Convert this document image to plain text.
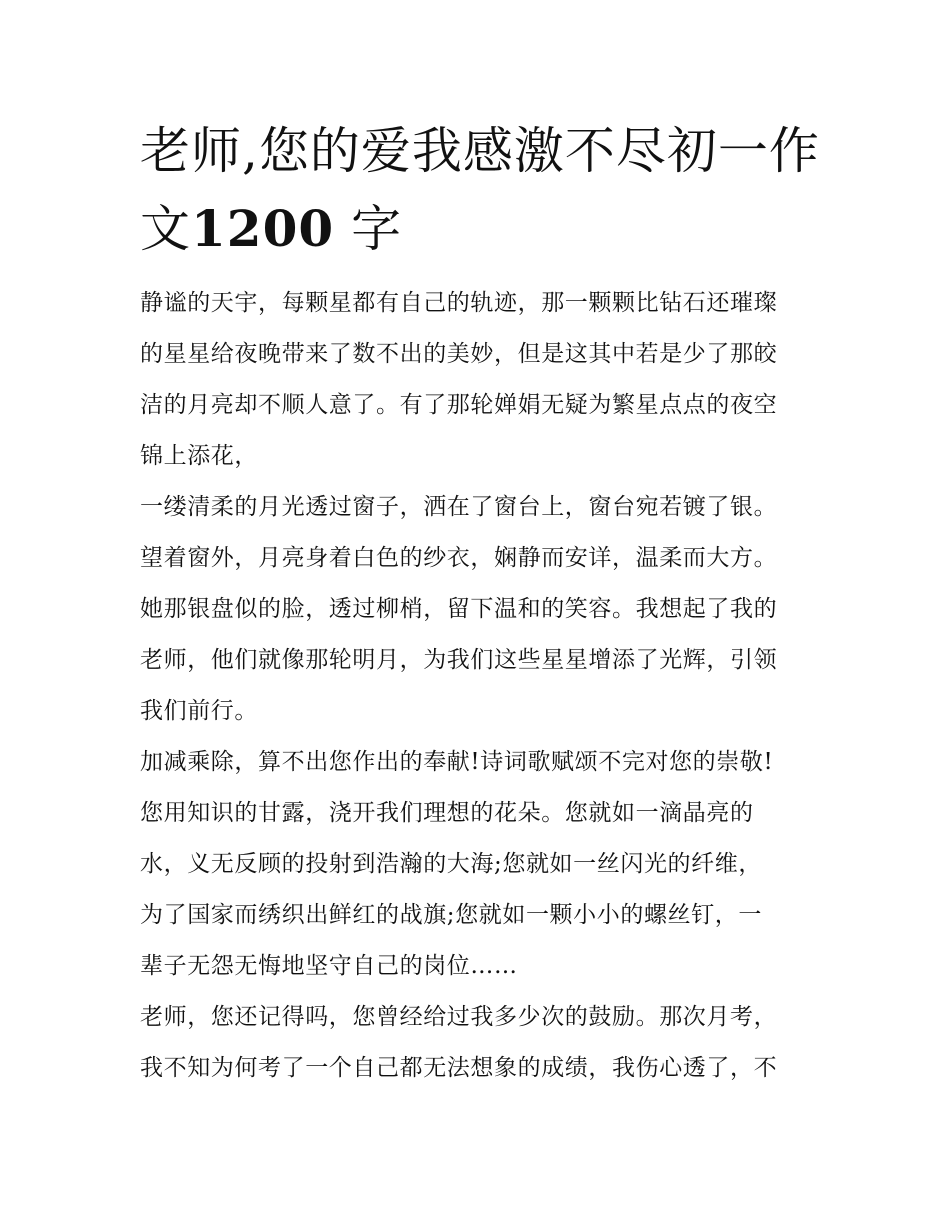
老师,您的爱我感激不尽初一作
文1200 字
静谧的天宇，每颗星都有自己的轨迹，那一颗颗比钻石还璀璨
的星星给夜晚带来了数不出的美妙，但是这其中若是少了那皎
洁的月亮却不顺人意了。有了那轮婵娟无疑为繁星点点的夜空
锦上添花，
一缕清柔的月光透过窗子，洒在了窗台上，窗台宛若镀了银。
望着窗外，月亮身着白色的纱衣，娴静而安详，温柔而大方。
她那银盘似的脸，透过柳梢，留下温和的笑容。我想起了我的
老师，他们就像那轮明月，为我们这些星星增添了光辉，引领
我们前行。
加减乘除，算不出您作出的奉献!诗词歌赋颂不完对您的崇敬!
您用知识的甘露，浇开我们理想的花朵。您就如一滴晶亮的
水，义无反顾的投射到浩瀚的大海;您就如一丝闪光的纤维，
为了国家而绣织出鲜红的战旗;您就如一颗小小的螺丝钉，一
辈子无怨无悔地坚守自己的岗位……
老师，您还记得吗，您曾经给过我多少次的鼓励。那次月考，
我不知为何考了一个自己都无法想象的成绩，我伤心透了，不
